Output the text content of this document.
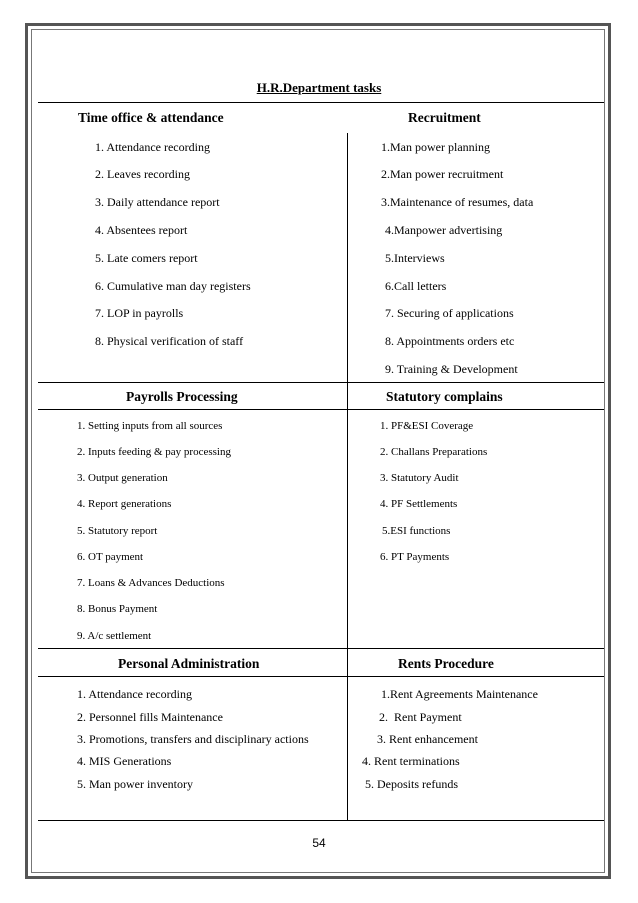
H.R.Department tasks
Time office & attendance	Recruitment
1. Attendance recording
2. Leaves recording
3. Daily attendance report
4. Absentees report
5. Late comers report
6. Cumulative man day registers
7. LOP in payrolls
8. Physical verification of staff
1.Man power planning
2.Man power recruitment
3.Maintenance of resumes, data
4.Manpower advertising
5.Interviews
6.Call letters
7. Securing of applications
8. Appointments orders etc
9. Training & Development
Payrolls Processing	Statutory complains
1. Setting inputs from all sources
2. Inputs feeding & pay processing
3. Output generation
4. Report generations
5. Statutory report
6. OT payment
7. Loans & Advances Deductions
8. Bonus Payment
9. A/c settlement
1. PF&ESI Coverage
2. Challans Preparations
3. Statutory Audit
4. PF Settlements
5.ESI functions
6. PT Payments
Personal Administration	Rents Procedure
1. Attendance recording
2. Personnel fills Maintenance
3. Promotions, transfers and disciplinary actions
4. MIS Generations
5. Man power inventory
1.Rent Agreements Maintenance
2.  Rent Payment
3. Rent enhancement
4. Rent terminations
5. Deposits refunds
54
